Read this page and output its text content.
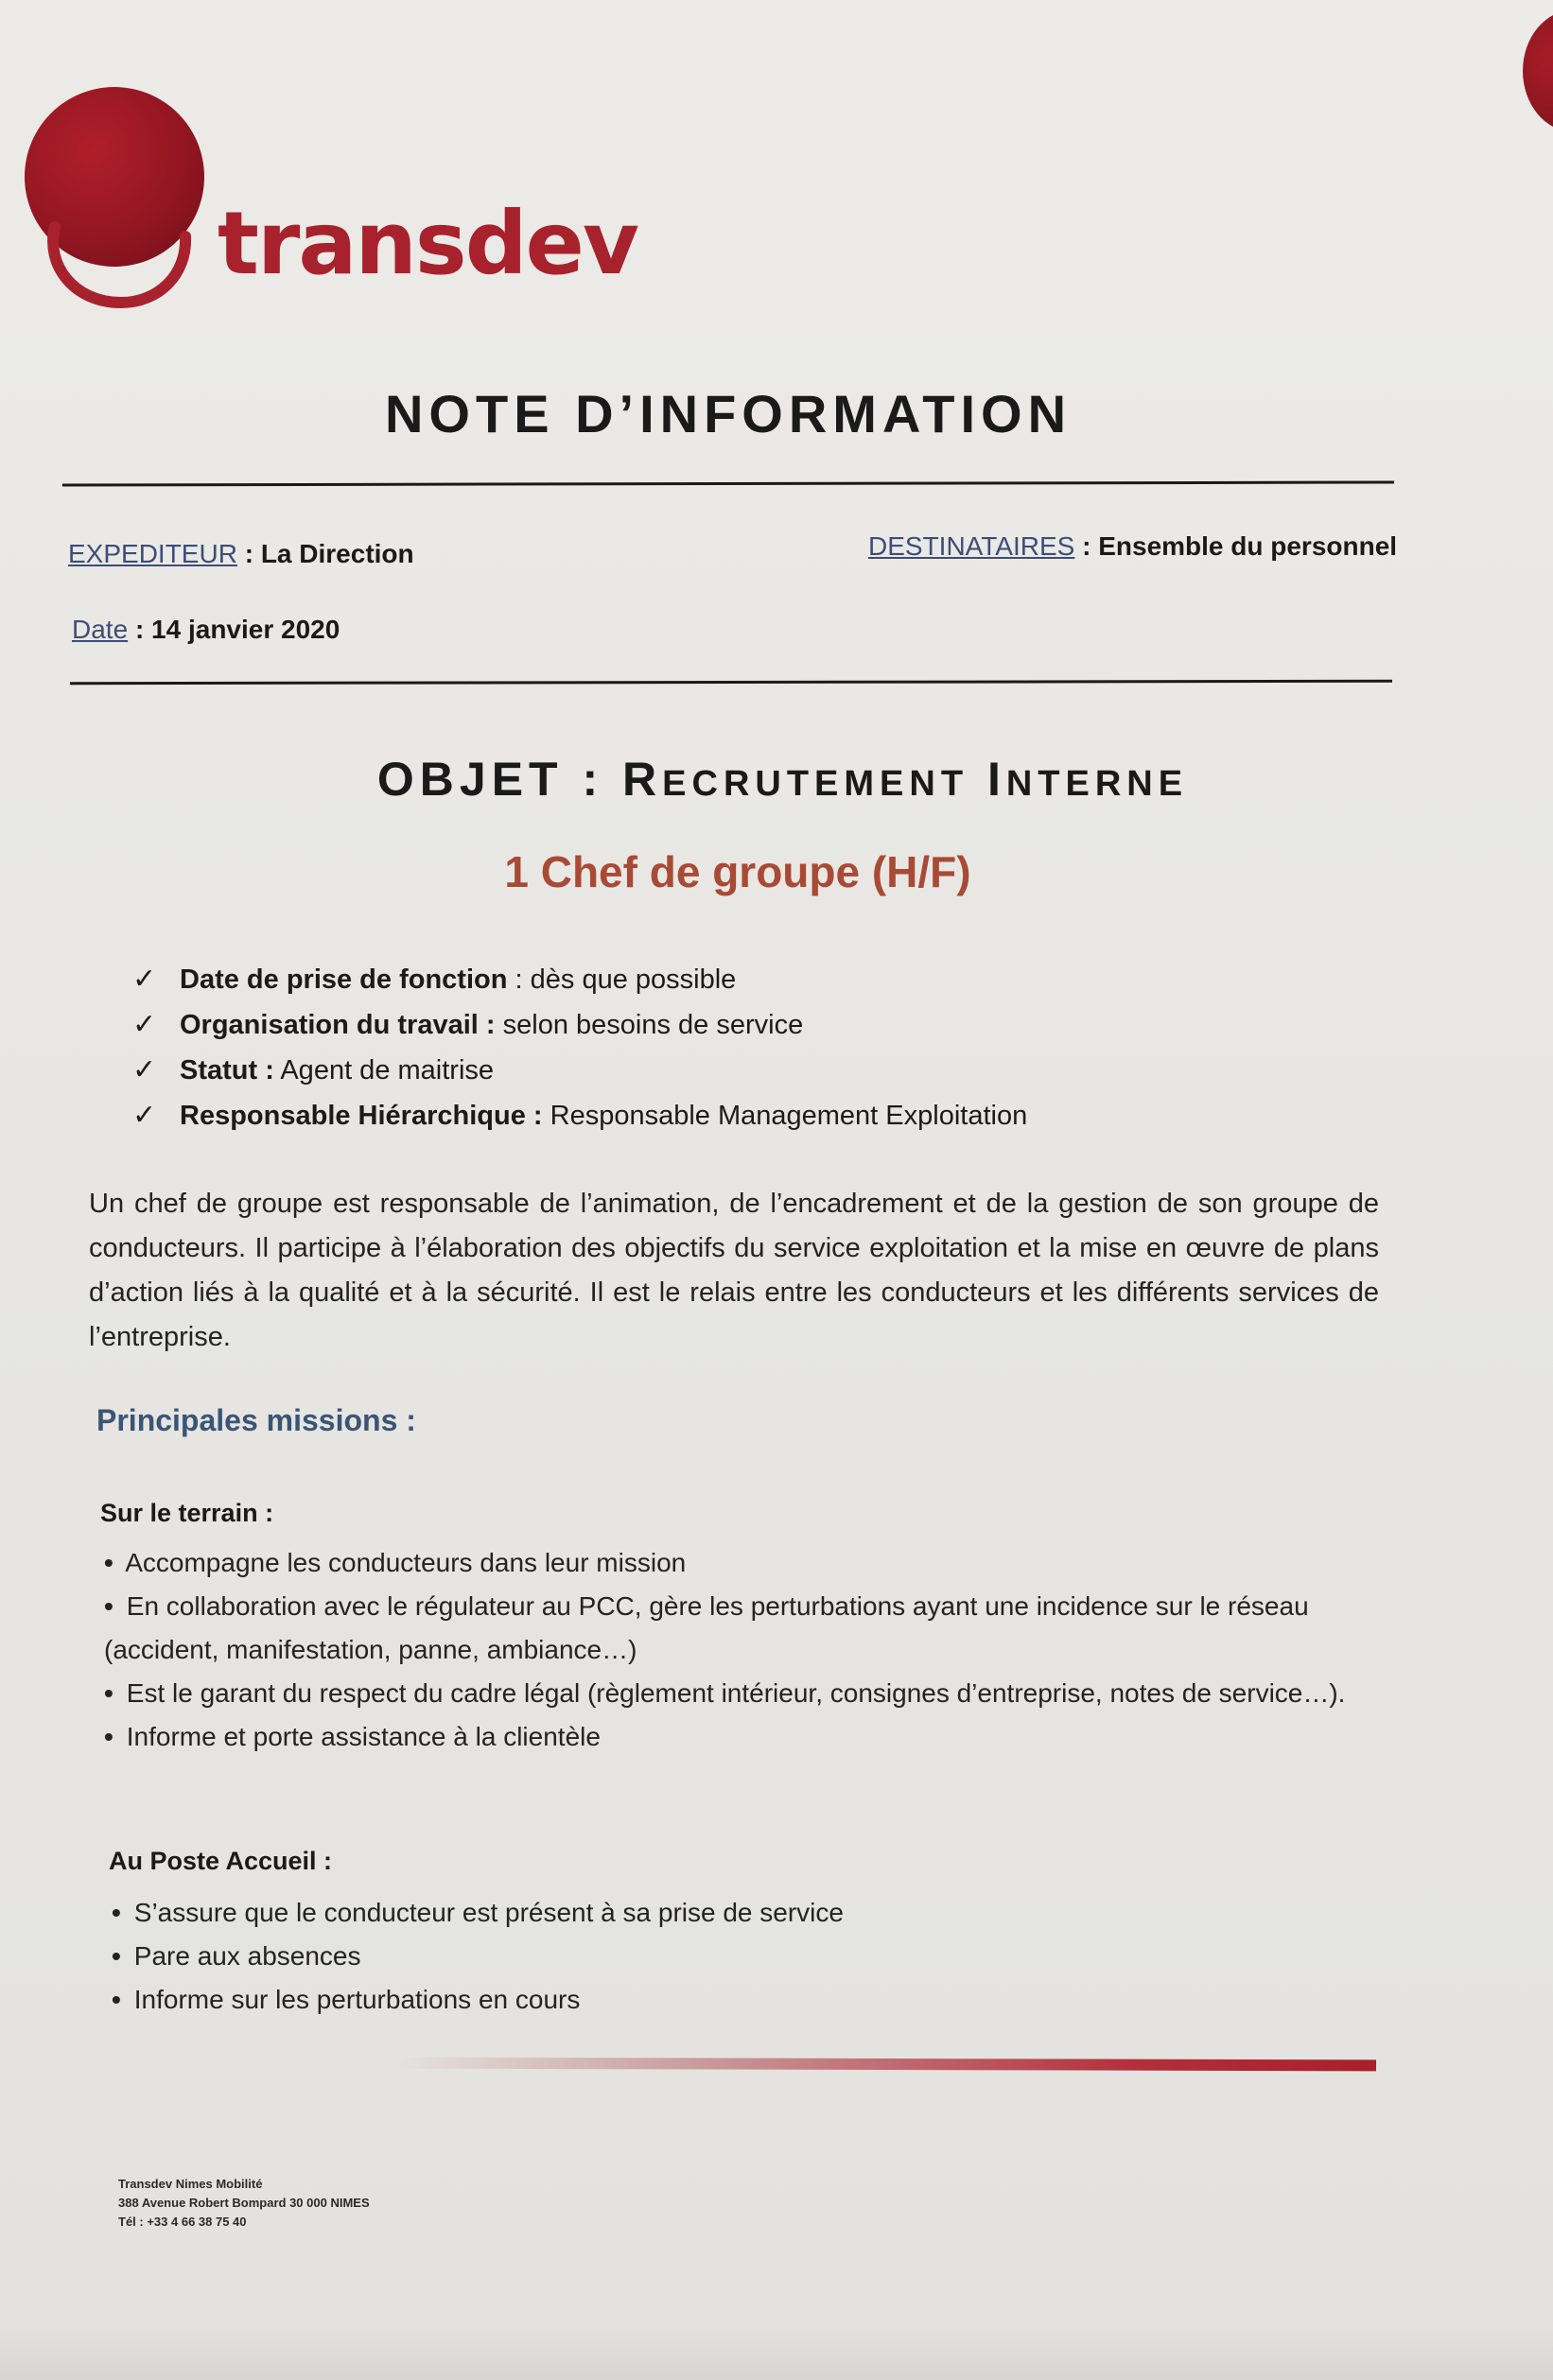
transdev
NOTE D’INFORMATION
EXPEDITEUR : La Direction	DESTINATAIRES : Ensemble du personnel
Date : 14 janvier 2020
OBJET : RECRUTEMENT INTERNE
1 Chef de groupe (H/F)
✓ Date de prise de fonction : dès que possible
✓ Organisation du travail : selon besoins de service
✓ Statut : Agent de maitrise
✓ Responsable Hiérarchique : Responsable Management Exploitation
Un chef de groupe est responsable de l’animation, de l’encadrement et de la gestion de son groupe de conducteurs. Il participe à l’élaboration des objectifs du service exploitation et la mise en œuvre de plans d’action liés à la qualité et à la sécurité. Il est le relais entre les conducteurs et les différents services de l’entreprise.
Principales missions :
Sur le terrain :
• Accompagne les conducteurs dans leur mission
• En collaboration avec le régulateur au PCC, gère les perturbations ayant une incidence sur le réseau (accident, manifestation, panne, ambiance…)
• Est le garant du respect du cadre légal (règlement intérieur, consignes d’entreprise, notes de service…).
• Informe et porte assistance à la clientèle
Au Poste Accueil :
• S’assure que le conducteur est présent à sa prise de service
• Pare aux absences
• Informe sur les perturbations en cours
Transdev Nimes Mobilité
388 Avenue Robert Bompard 30 000 NIMES
Tél : +33 4 66 38 75 40
